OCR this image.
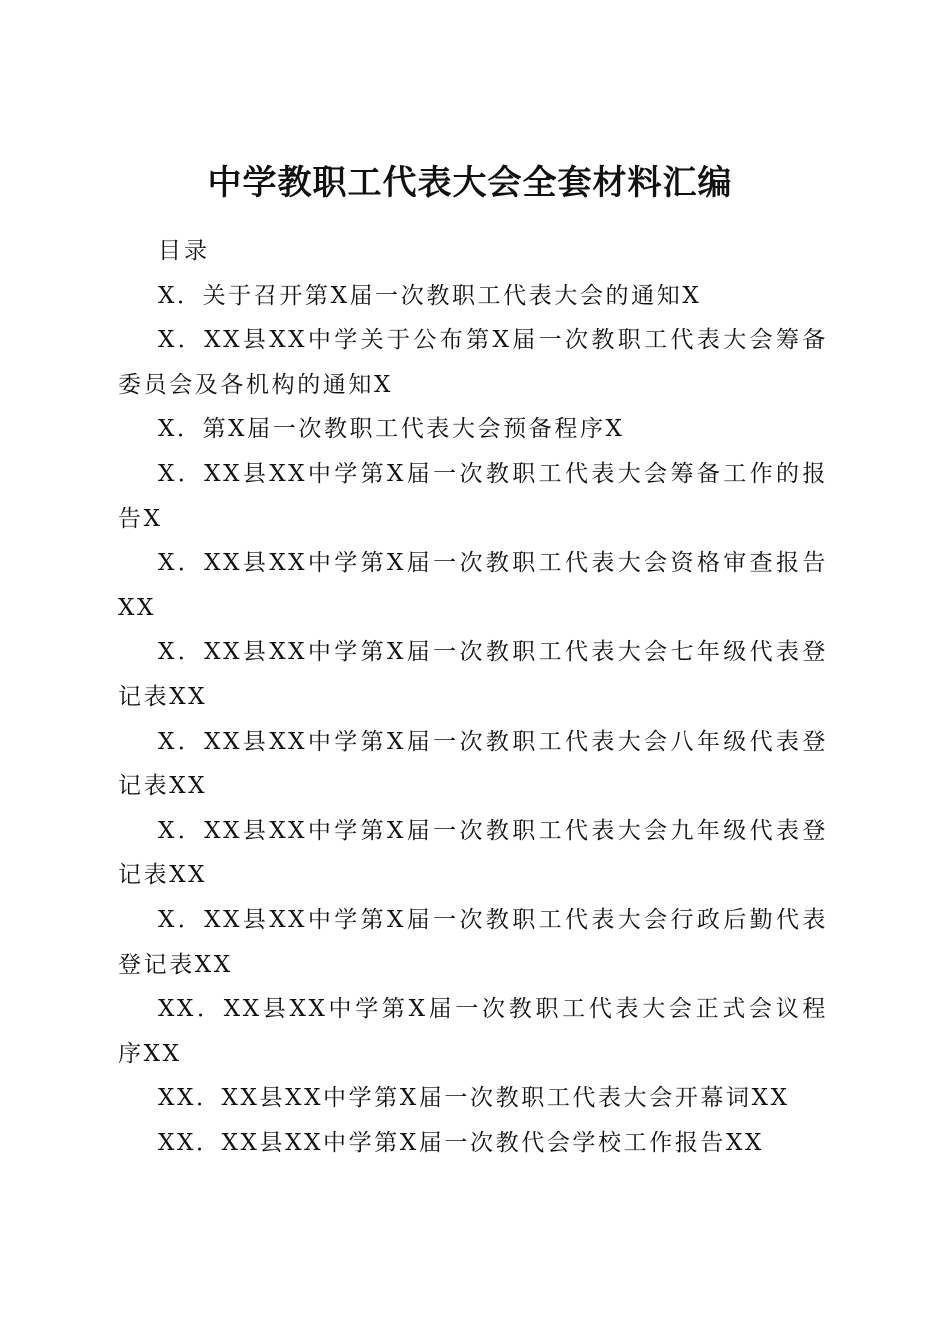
中学教职工代表大会全套材料汇编

目录

X．关于召开第X届一次教职工代表大会的通知X

X．XX县XX中学关于公布第X届一次教职工代表大会筹备委员会及各机构的通知X

X．第X届一次教职工代表大会预备程序X

X．XX县XX中学第X届一次教职工代表大会筹备工作的报告X

X．XX县XX中学第X届一次教职工代表大会资格审查报告XX

X．XX县XX中学第X届一次教职工代表大会七年级代表登记表XX

X．XX县XX中学第X届一次教职工代表大会八年级代表登记表XX

X．XX县XX中学第X届一次教职工代表大会九年级代表登记表XX

X．XX县XX中学第X届一次教职工代表大会行政后勤代表登记表XX

XX．XX县XX中学第X届一次教职工代表大会正式会议程序XX

XX．XX县XX中学第X届一次教职工代表大会开幕词XX

XX．XX县XX中学第X届一次教代会学校工作报告XX
